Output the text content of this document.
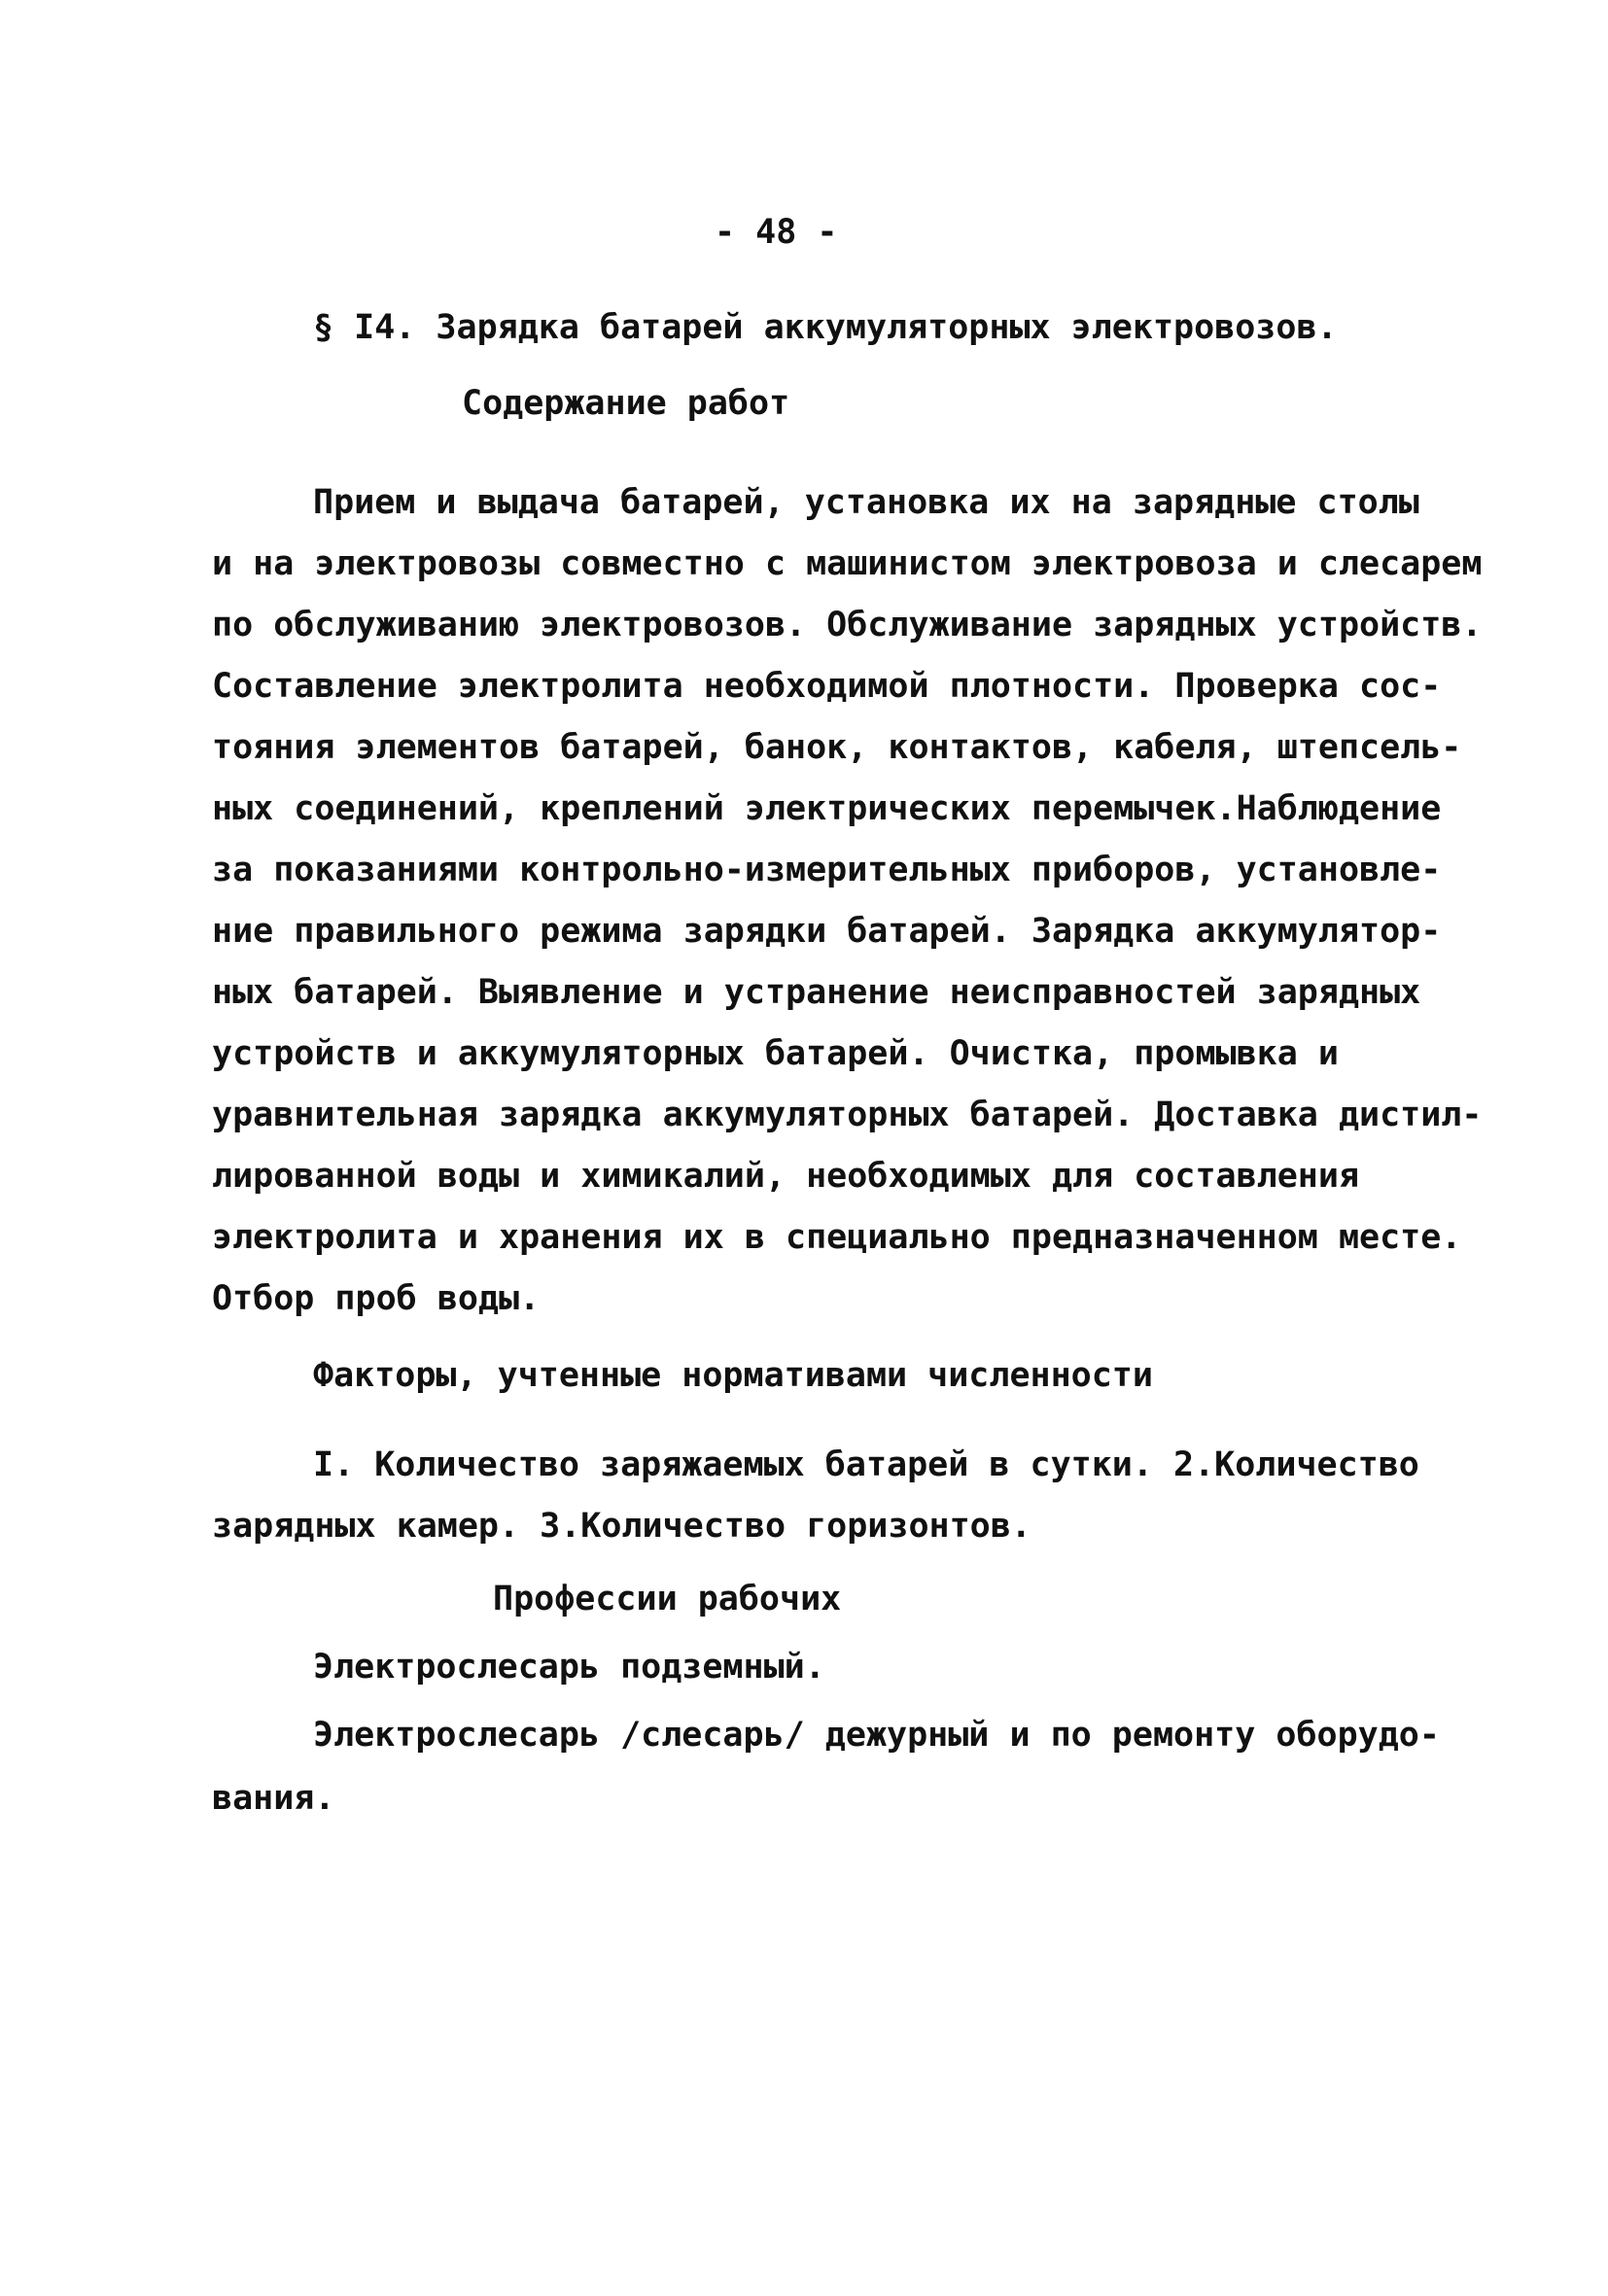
- 48 -
§ I4. Зарядка батарей аккумуляторных электровозов.
Содержание работ
Прием и выдача батарей, установка их на зарядные столы
и на электровозы совместно с машинистом электровоза и слесарем
по обслуживанию электровозов. Обслуживание зарядных устройств.
Составление электролита необходимой плотности. Проверка сос-
тояния элементов батарей, банок, контактов, кабеля, штепсель-
ных соединений, креплений электрических перемычек.Наблюдение
за показаниями контрольно-измерительных приборов, установле-
ние правильного режима зарядки батарей. Зарядка аккумулятор-
ных батарей. Выявление и устранение неисправностей зарядных
устройств и аккумуляторных батарей. Очистка, промывка и
уравнительная зарядка аккумуляторных батарей. Доставка дистил-
лированной воды и химикалий, необходимых для составления
электролита и хранения их в специально предназначенном месте.
Отбор проб воды.
Факторы, учтенные нормативами численности
I. Количество заряжаемых батарей в сутки. 2.Количество
зарядных камер. 3.Количество горизонтов.
Профессии рабочих
Электрослесарь подземный.
Электрослесарь /слесарь/ дежурный и по ремонту оборудо-
вания.
